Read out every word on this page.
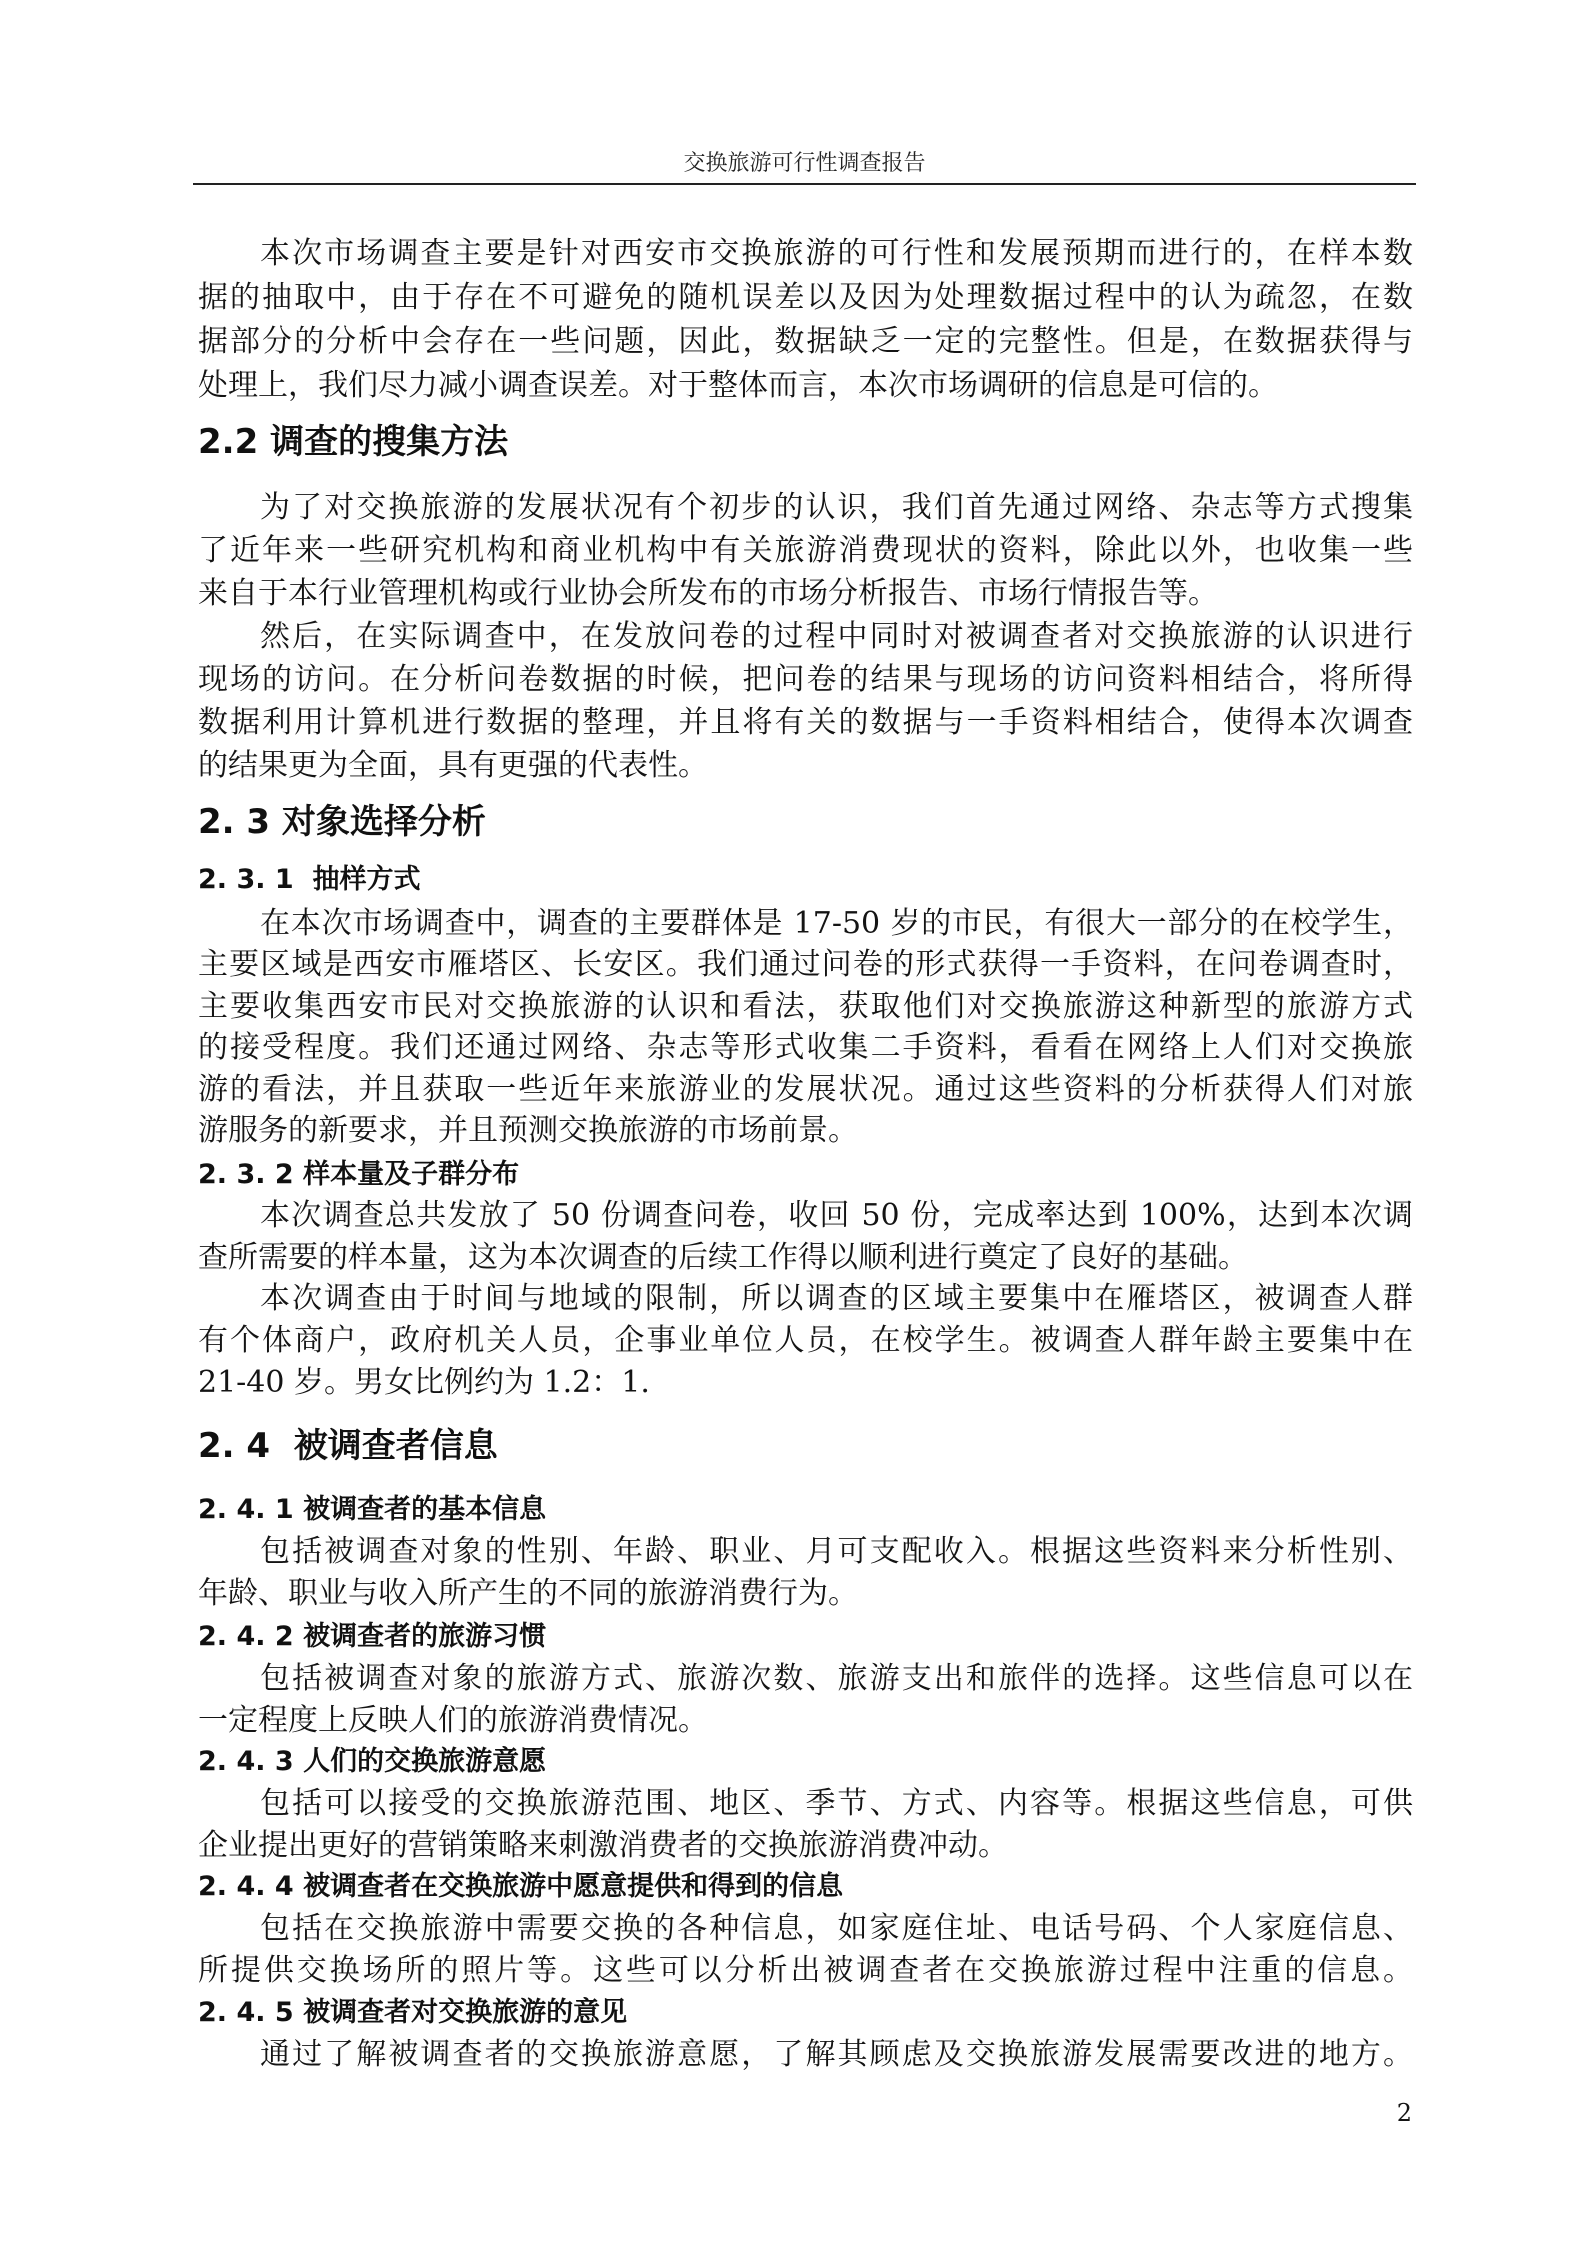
交换旅游可行性调查报告
本次市场调查主要是针对西安市交换旅游的可行性和发展预期而进行的，在样本数
据的抽取中，由于存在不可避免的随机误差以及因为处理数据过程中的认为疏忽，在数
据部分的分析中会存在一些问题，因此，数据缺乏一定的完整性。但是，在数据获得与
处理上，我们尽力减小调查误差。对于整体而言，本次市场调研的信息是可信的。
2.2 调查的搜集方法
为了对交换旅游的发展状况有个初步的认识，我们首先通过网络、杂志等方式搜集
了近年来一些研究机构和商业机构中有关旅游消费现状的资料，除此以外，也收集一些
来自于本行业管理机构或行业协会所发布的市场分析报告、市场行情报告等。
然后，在实际调查中，在发放问卷的过程中同时对被调查者对交换旅游的认识进行
现场的访问。在分析问卷数据的时候，把问卷的结果与现场的访问资料相结合，将所得
数据利用计算机进行数据的整理，并且将有关的数据与一手资料相结合，使得本次调查
的结果更为全面，具有更强的代表性。
2. 3 对象选择分析
2. 3. 1  抽样方式
在本次市场调查中，调查的主要群体是 17-50 岁的市民，有很大一部分的在校学生，
主要区域是西安市雁塔区、长安区。我们通过问卷的形式获得一手资料，在问卷调查时，
主要收集西安市民对交换旅游的认识和看法，获取他们对交换旅游这种新型的旅游方式
的接受程度。我们还通过网络、杂志等形式收集二手资料，看看在网络上人们对交换旅
游的看法，并且获取一些近年来旅游业的发展状况。通过这些资料的分析获得人们对旅
游服务的新要求，并且预测交换旅游的市场前景。
2. 3. 2 样本量及子群分布
本次调查总共发放了 50 份调查问卷，收回 50 份，完成率达到 100%，达到本次调
查所需要的样本量，这为本次调查的后续工作得以顺利进行奠定了良好的基础。
本次调查由于时间与地域的限制，所以调查的区域主要集中在雁塔区，被调查人群
有个体商户，政府机关人员，企事业单位人员，在校学生。被调查人群年龄主要集中在
21-40 岁。男女比例约为 1.2：1.
2. 4  被调查者信息
2. 4. 1 被调查者的基本信息
包括被调查对象的性别、年龄、职业、月可支配收入。根据这些资料来分析性别、
年龄、职业与收入所产生的不同的旅游消费行为。
2. 4. 2 被调查者的旅游习惯
包括被调查对象的旅游方式、旅游次数、旅游支出和旅伴的选择。这些信息可以在
一定程度上反映人们的旅游消费情况。
2. 4. 3 人们的交换旅游意愿
包括可以接受的交换旅游范围、地区、季节、方式、内容等。根据这些信息，可供
企业提出更好的营销策略来刺激消费者的交换旅游消费冲动。
2. 4. 4 被调查者在交换旅游中愿意提供和得到的信息
包括在交换旅游中需要交换的各种信息，如家庭住址、电话号码、个人家庭信息、
所提供交换场所的照片等。这些可以分析出被调查者在交换旅游过程中注重的信息。
2. 4. 5 被调查者对交换旅游的意见
通过了解被调查者的交换旅游意愿，了解其顾虑及交换旅游发展需要改进的地方。
2
